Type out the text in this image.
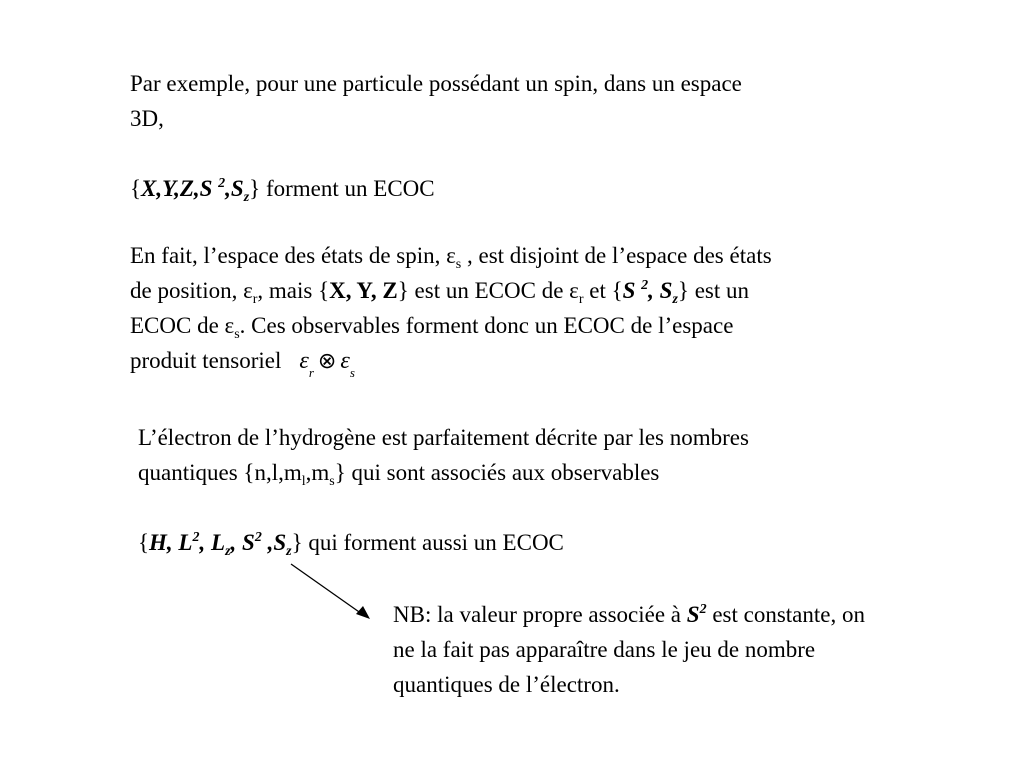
Par exemple, pour une particule possédant un spin, dans un espace
3D,
{X,Y,Z,S $^2,S_z$} forment un ECOC
En fait, l’espace des états de spin, $\varepsilon_s$ , est disjoint de l’espace des états
de position, $\varepsilon_r$, mais {X, Y, Z} est un ECOC de $\varepsilon_r$ et {S $^2$, $S_z$} est un
ECOC de $\varepsilon_s$. Ces observables forment donc un ECOC de l’espace
produit tensoriel $\varepsilon_r$ ⊗ $\varepsilon_s$
L’électron de l’hydrogène est parfaitement décrite par les nombres
quantiques $\{n,l,m_l,m_s\}$ qui sont associés aux observables
{H, $L^2$, $L_z$, $S^2$ $,S_z$} qui forment aussi un ECOC
NB: la valeur propre associée à $S^2$ est constante, on
ne la fait pas apparaître dans le jeu de nombre
quantiques de l’électron.
